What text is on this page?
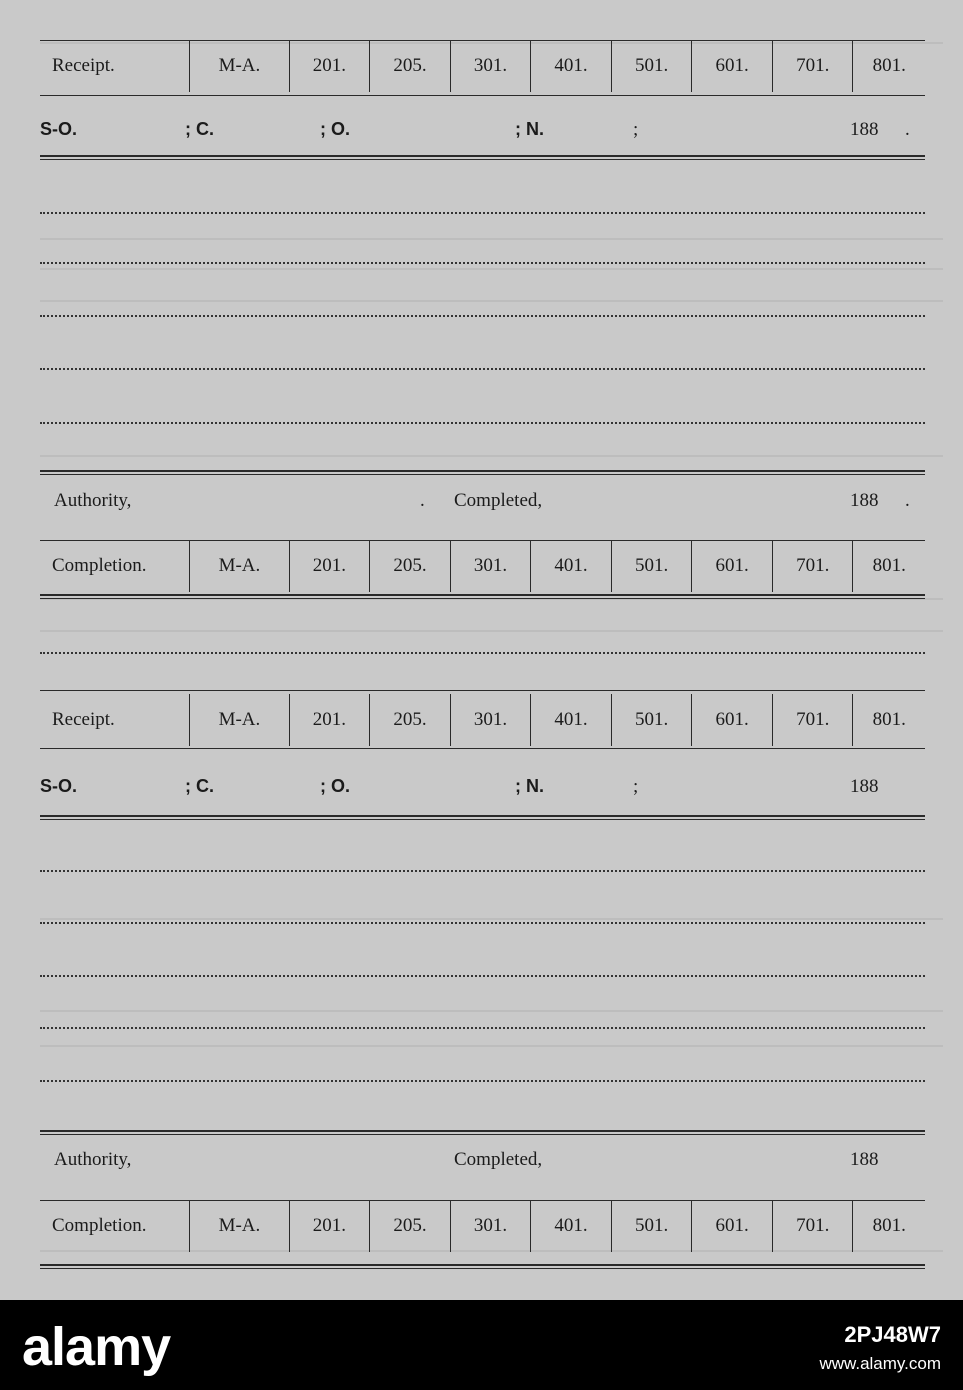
Receipt.	M-A.	201.	205.	301.	401.	501.	601.	701.	801.
S-O.	; C.	; O.	; N.	;	188 .
Authority,	. Completed,	188 .
Completion.	M-A.	201.	205.	301.	401.	501.	601.	701.	801.
Receipt.	M-A.	201.	205.	301.	401.	501.	601.	701.	801.
S-O.	; C.	; O.	; N.	;	188
Authority,	Completed,	188
Completion.	M-A.	201.	205.	301.	401.	501.	601.	701.	801.
alamy	2PJ48W7
www.alamy.com
